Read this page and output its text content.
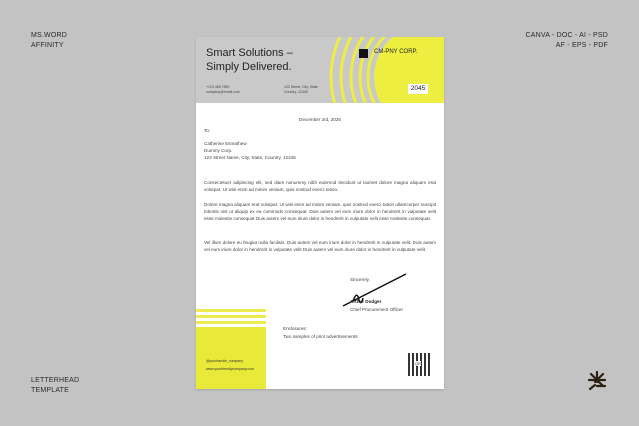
MS.WORD
AFFINITY
CANVA - DOC - AI - PSD
AF - EPS - PDF
LETTERHEAD
TEMPLATE
Smart Solutions –
Simply Delivered.
CM-PNY CORP.
+123 456 7890
company@email.com
123 Street, City, State
Country, 12345	2045
December 3rd, 2026
To:
Catherine Esmathew
Dummy Corp.
123 Street Name, City, State, Country, 12345
Consectetuer adipiscing elit, sed diam nonummy nibh euismod tincidunt ut laoreet dolore magna aliquam erat volutpat. Ut wisi enim ad minim veniam, quis nostrud exerci tation.
Dolore magna aliquam erat volutpat. Ut wisi enim ad minim veniam, quis nostrud exerci tation ullamcorper suscipit lobortis nisl ut aliquip ex ea commodo consequat. Duis autem vel eum iriure dolor in hendrerit in vulputate velit esse molestie consequat Duis autem vel eum iriure dolor in hendrerit in vulputate velit esse molestie consequat.
Vel illum dolore eu feugiat nulla facilisis. Duis autem vel eum iriure dolor in hendrerit in vulputate velit. Duis autem vel eum iriure dolor in hendrerit in vulputate velit Duis autem vel eum iriure dolor in hendrerit in vulputate velit.
Sincerely,
Arthur Dodger
Chief Procurement Officer
Enclosures:
Two samples of print advertisements
@yourhandle_company
www.yourfriendlycompany.com
QR
